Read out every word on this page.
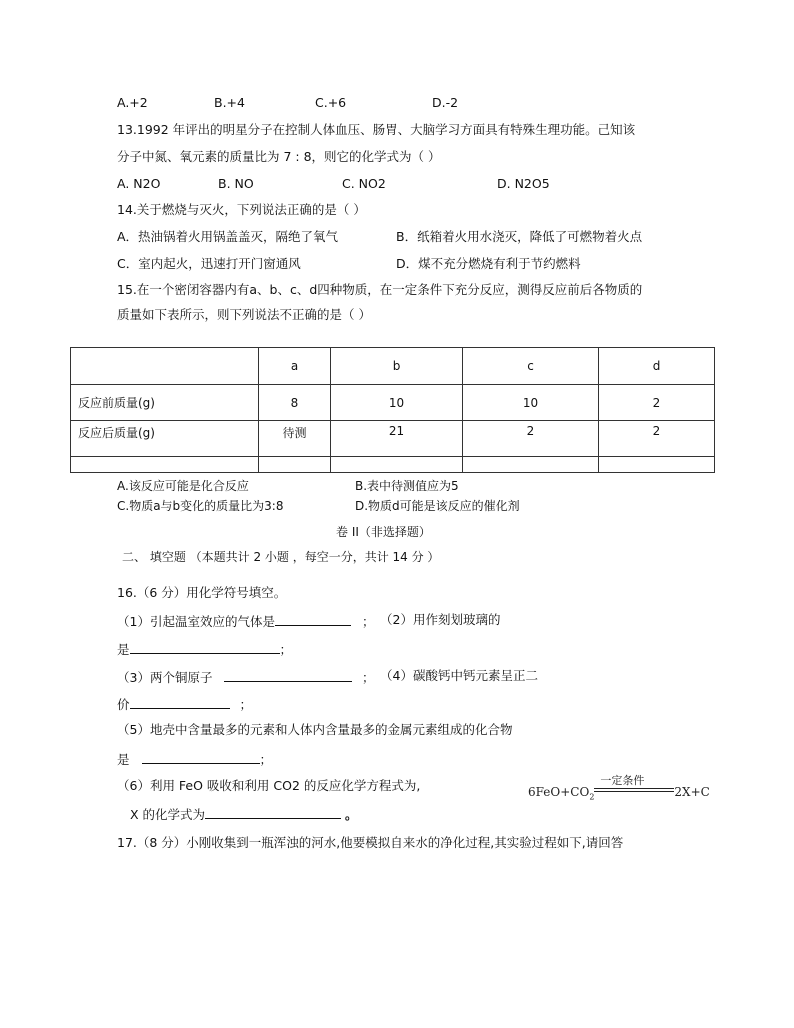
A.+2	B.+4	C.+6	D.-2
13.1992 年评出的明星分子在控制人体血压、肠胃、大脑学习方面具有特殊生理功能。己知该
分子中氮、氧元素的质量比为 7 : 8，则它的化学式为（ ）
A. N2O	B. NO	C. NO2	D. N2O5
14.关于燃烧与灭火，下列说法正确的是（ ）
A．热油锅着火用锅盖盖灭，隔绝了氧气	B．纸箱着火用水浇灭，降低了可燃物着火点
C．室内起火，迅速打开门窗通风	D．煤不充分燃烧有利于节约燃料
15.在一个密闭容器内有a、b、c、d四种物质，在一定条件下充分反应，测得反应前后各物质的
质量如下表所示，则下列说法不正确的是（ ）
	a	b	c	d
反应前质量(g)	8	10	10	2
反应后质量(g)	待测	21	2	2

A.该反应可能是化合反应	B.表中待测值应为5
C.物质a与b变化的质量比为3:8	D.物质d可能是该反应的催化剂
卷 II（非选择题）
二、 填空题 （本题共计 2 小题 ，每空一分，共计 14 分 ）
16.（6 分）用化学符号填空。
（1）引起温室效应的气体是	； （2）用作刻划玻璃的
是	；
（3）两个铜原子	； （4）碳酸钙中钙元素呈正二
价	；
（5）地壳中含量最多的元素和人体内含量最多的金属元素组成的化合物
是	；
（6）利用 FeO 吸收和利用 CO2 的反应化学方程式为,
X 的化学式为	。
$6FeO+CO_2$
一定条件
2X+C
17.（8 分）小刚收集到一瓶浑浊的河水,他要模拟自来水的净化过程,其实验过程如下,请回答
